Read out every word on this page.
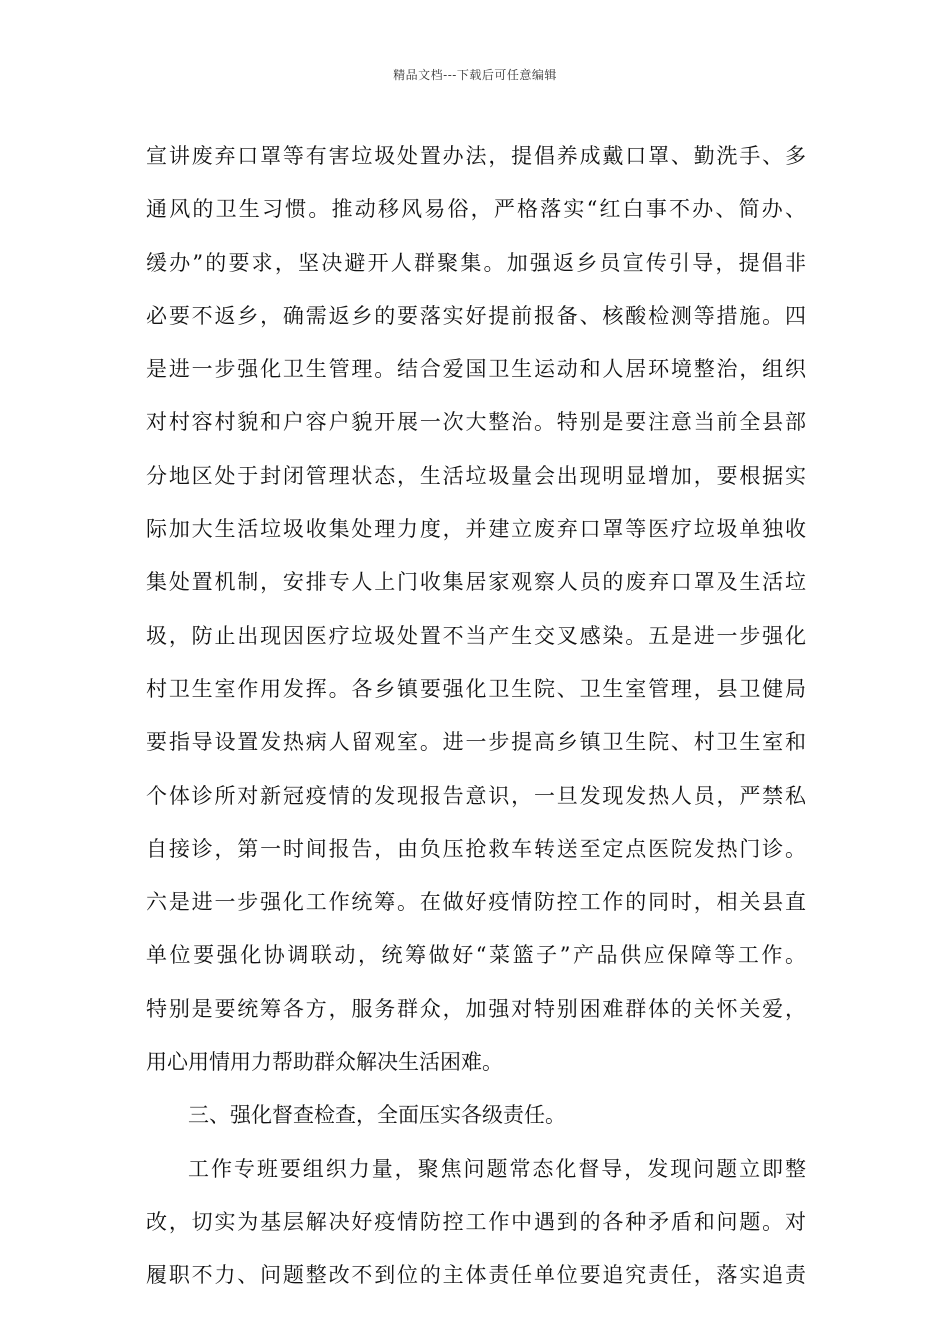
精品文档---下载后可任意编辑
宣讲废弃口罩等有害垃圾处置办法，提倡养成戴口罩、勤洗手、多
通风的卫生习惯。推动移风易俗，严格落实“红白事不办、简办、
缓办”的要求，坚决避开人群聚集。加强返乡员宣传引导，提倡非
必要不返乡，确需返乡的要落实好提前报备、核酸检测等措施。四
是进一步强化卫生管理。结合爱国卫生运动和人居环境整治，组织
对村容村貌和户容户貌开展一次大整治。特别是要注意当前全县部
分地区处于封闭管理状态，生活垃圾量会出现明显增加，要根据实
际加大生活垃圾收集处理力度，并建立废弃口罩等医疗垃圾单独收
集处置机制，安排专人上门收集居家观察人员的废弃口罩及生活垃
圾，防止出现因医疗垃圾处置不当产生交叉感染。五是进一步强化
村卫生室作用发挥。各乡镇要强化卫生院、卫生室管理，县卫健局
要指导设置发热病人留观室。进一步提高乡镇卫生院、村卫生室和
个体诊所对新冠疫情的发现报告意识，一旦发现发热人员，严禁私
自接诊，第一时间报告，由负压抢救车转送至定点医院发热门诊。
六是进一步强化工作统筹。在做好疫情防控工作的同时，相关县直
单位要强化协调联动，统筹做好“菜篮子”产品供应保障等工作。
特别是要统筹各方，服务群众，加强对特别困难群体的关怀关爱，
用心用情用力帮助群众解决生活困难。
三、强化督查检查，全面压实各级责任。
工作专班要组织力量，聚焦问题常态化督导，发现问题立即整
改，切实为基层解决好疫情防控工作中遇到的各种矛盾和问题。对
履职不力、问题整改不到位的主体责任单位要追究责任，落实追责
